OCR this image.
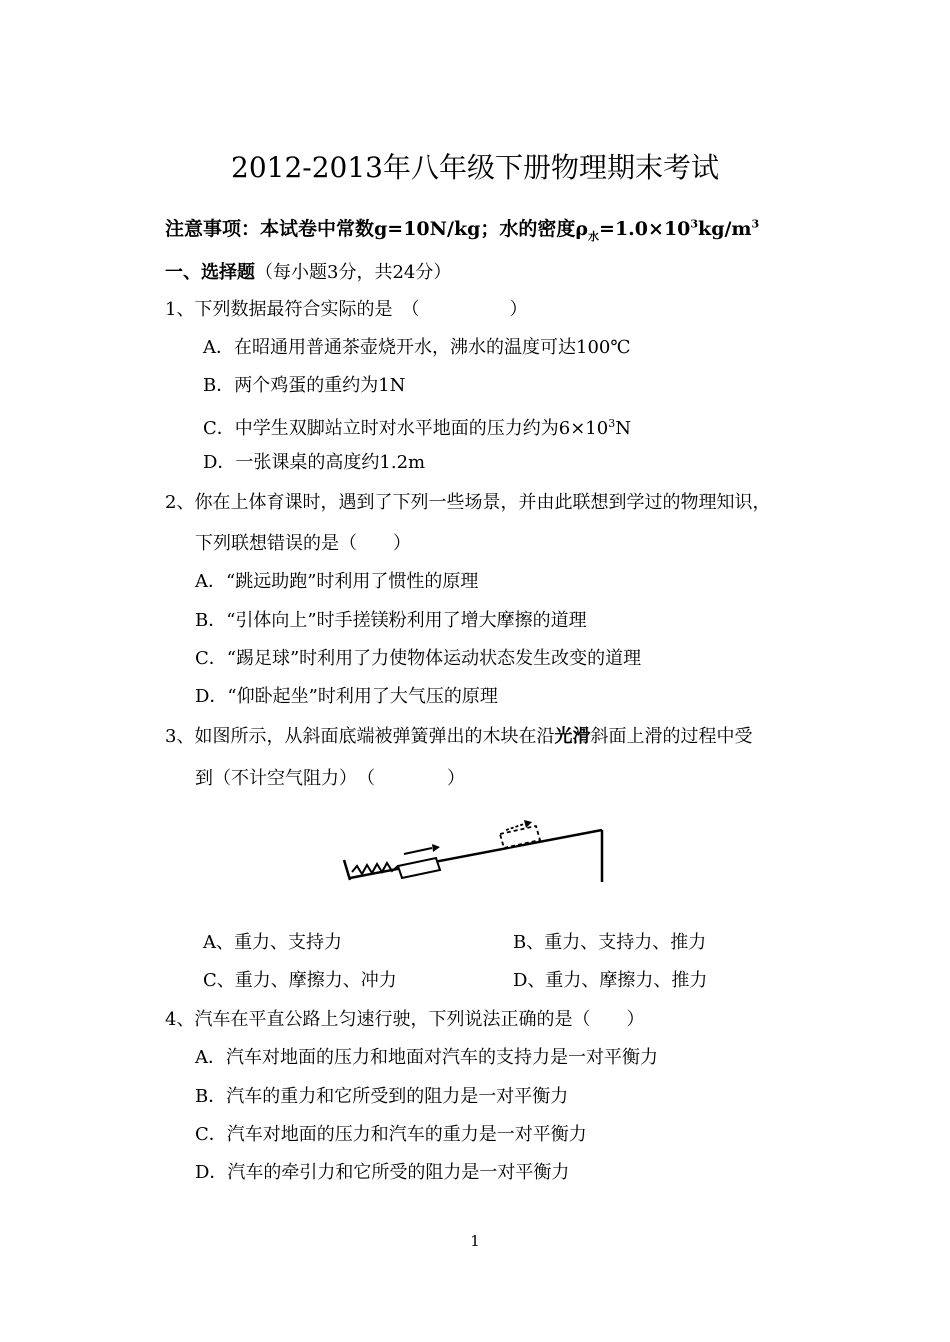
2012-2013年八年级下册物理期末考试
注意事项：本试卷中常数g=10N/kg；水的密度$\rho_水=1.0\times 10^3kg/m^3$
一、选择题（每小题3分，共24分）
1、下列数据最符合实际的是　（　　　　　）
A．在昭通用普通茶壶烧开水，沸水的温度可达100℃
B．两个鸡蛋的重约为1N
C．中学生双脚站立时对水平地面的压力约为$6\times 10^3N$
D．一张课桌的高度约1.2m
2、你在上体育课时，遇到了下列一些场景，并由此联想到学过的物理知识，
下列联想错误的是（　　）
A．“跳远助跑”时利用了惯性的原理
B．“引体向上”时手搓镁粉利用了增大摩擦的道理
C．“踢足球”时利用了力使物体运动状态发生改变的道理
D．“仰卧起坐”时利用了大气压的原理
3、如图所示，从斜面底端被弹簧弹出的木块在沿光滑斜面上滑的过程中受
到（不计空气阻力）　（　　　　）
A、重力、支持力	B、重力、支持力、推力
C、重力、摩擦力、冲力	D、重力、摩擦力、推力
4、汽车在平直公路上匀速行驶，下列说法正确的是（　　）
A．汽车对地面的压力和地面对汽车的支持力是一对平衡力
B．汽车的重力和它所受到的阻力是一对平衡力
C．汽车对地面的压力和汽车的重力是一对平衡力
D．汽车的牵引力和它所受的阻力是一对平衡力
1
